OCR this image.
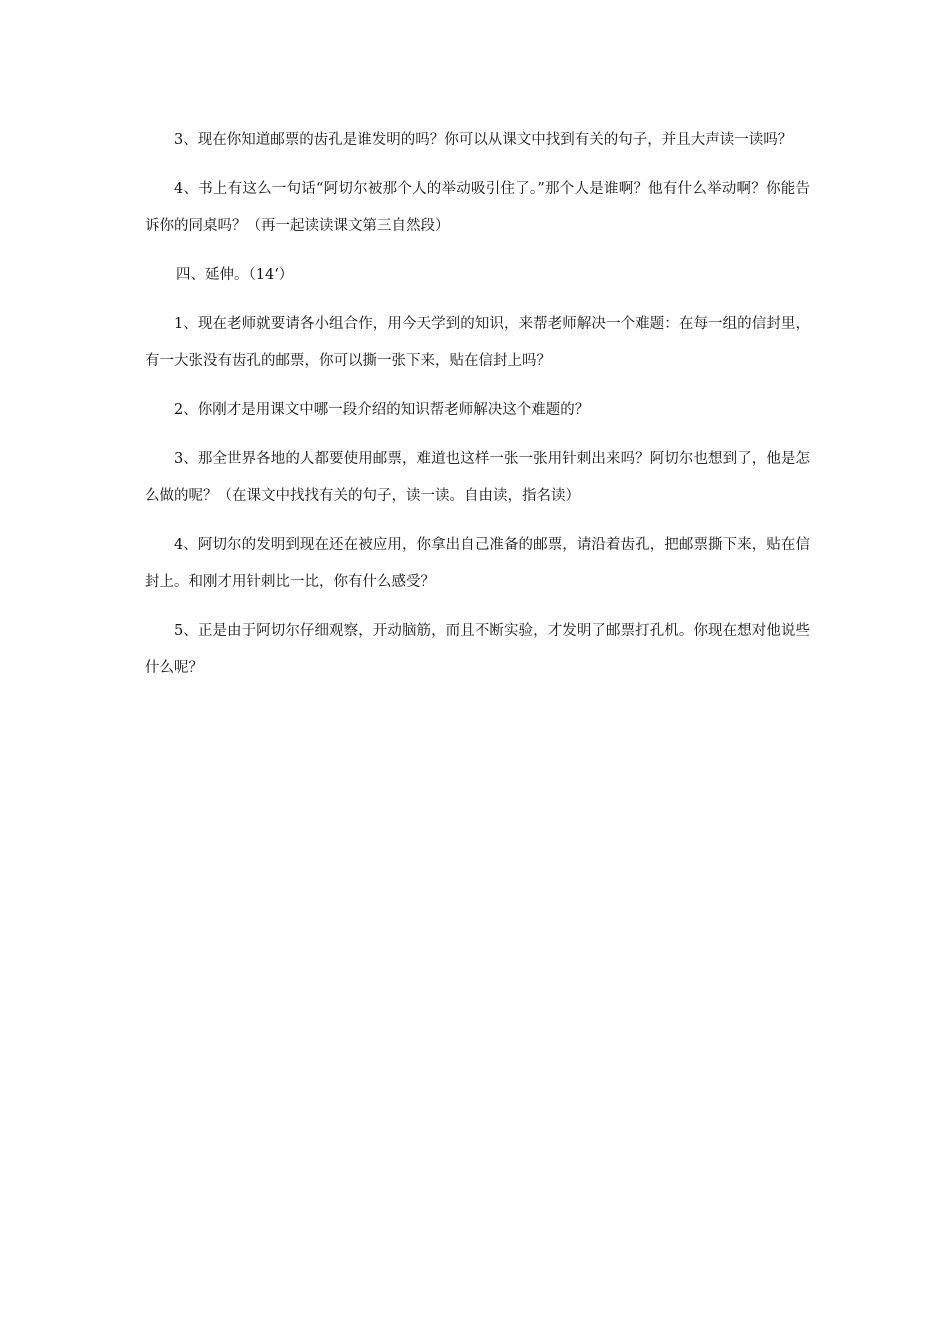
3、现在你知道邮票的齿孔是谁发明的吗？你可以从课文中找到有关的句子，并且大声读一读吗？

4、书上有这么一句话“阿切尔被那个人的举动吸引住了。”那个人是谁啊？他有什么举动啊？你能告诉你的同桌吗？（再一起读读课文第三自然段）

四、延伸。（14‘）

1、现在老师就要请各小组合作，用今天学到的知识，来帮老师解决一个难题：在每一组的信封里，有一大张没有齿孔的邮票，你可以撕一张下来，贴在信封上吗？

2、你刚才是用课文中哪一段介绍的知识帮老师解决这个难题的？

3、那全世界各地的人都要使用邮票，难道也这样一张一张用针刺出来吗？阿切尔也想到了，他是怎么做的呢？（在课文中找找有关的句子，读一读。自由读，指名读）

4、阿切尔的发明到现在还在被应用，你拿出自己准备的邮票，请沿着齿孔，把邮票撕下来，贴在信封上。和刚才用针刺比一比，你有什么感受？

5、正是由于阿切尔仔细观察，开动脑筋，而且不断实验，才发明了邮票打孔机。你现在想对他说些什么呢？
